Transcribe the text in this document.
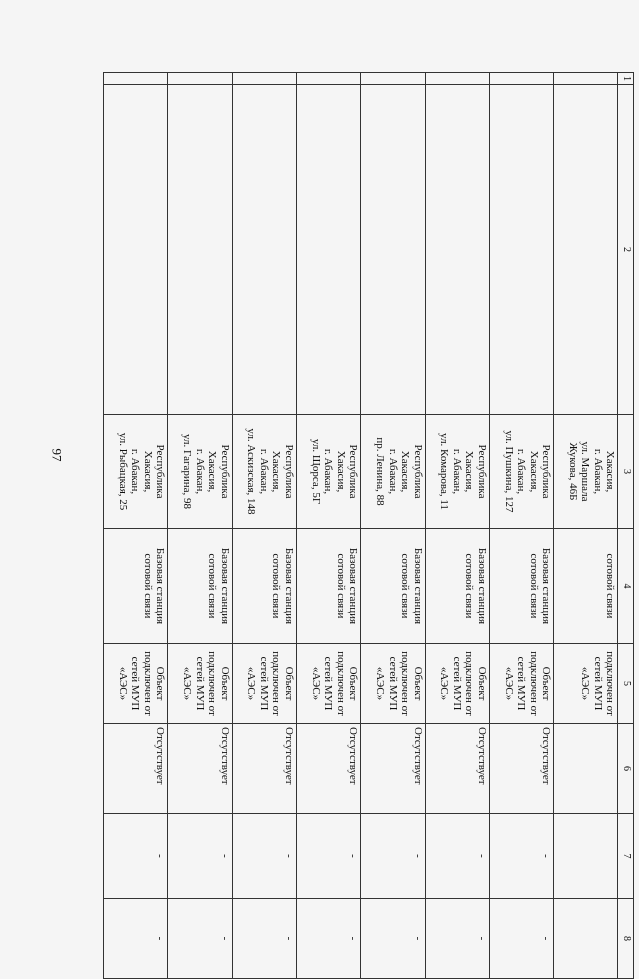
97
1	2	3	4	5	6	7	8
		Хакасия,
г. Абакан,
ул. Маршала
Жукова, 46Б	сотовой связи	подключен от
сетей МУП
«АЭС»			
		Республика
Хакасия,
г. Абакан,
ул. Пушкина, 127	Базовая станция
сотовой связи	Объект
подключен от
сетей МУП
«АЭС»	Отсутствует	-	-
		Республика
Хакасия,
г. Абакан,
ул. Комарова, 11	Базовая станция
сотовой связи	Объект
подключен от
сетей МУП
«АЭС»	Отсутствует	-	-
		Республика
Хакасия,
г. Абакан,
пр. Ленина, 88	Базовая станция
сотовой связи	Объект
подключен от
сетей МУП
«АЭС»	Отсутствует	-	-
		Республика
Хакасия,
г. Абакан,
ул. Щорса, 5Г	Базовая станция
сотовой связи	Объект
подключен от
сетей МУП
«АЭС»	Отсутствует	-	-
		Республика
Хакасия,
г. Абакан,
ул. Аскизская, 148	Базовая станция
сотовой связи	Объект
подключен от
сетей МУП
«АЭС»	Отсутствует	-	-
		Республика
Хакасия,
г. Абакан,
ул. Гагарина, 98	Базовая станция
сотовой связи	Объект
подключен от
сетей МУП
«АЭС»	Отсутствует	-	-
		Республика
Хакасия,
г. Абакан,
ул. Рыбацкая, 25	Базовая станция
сотовой связи	Объект
подключен от
сетей МУП
«АЭС»	Отсутствует	-	-
